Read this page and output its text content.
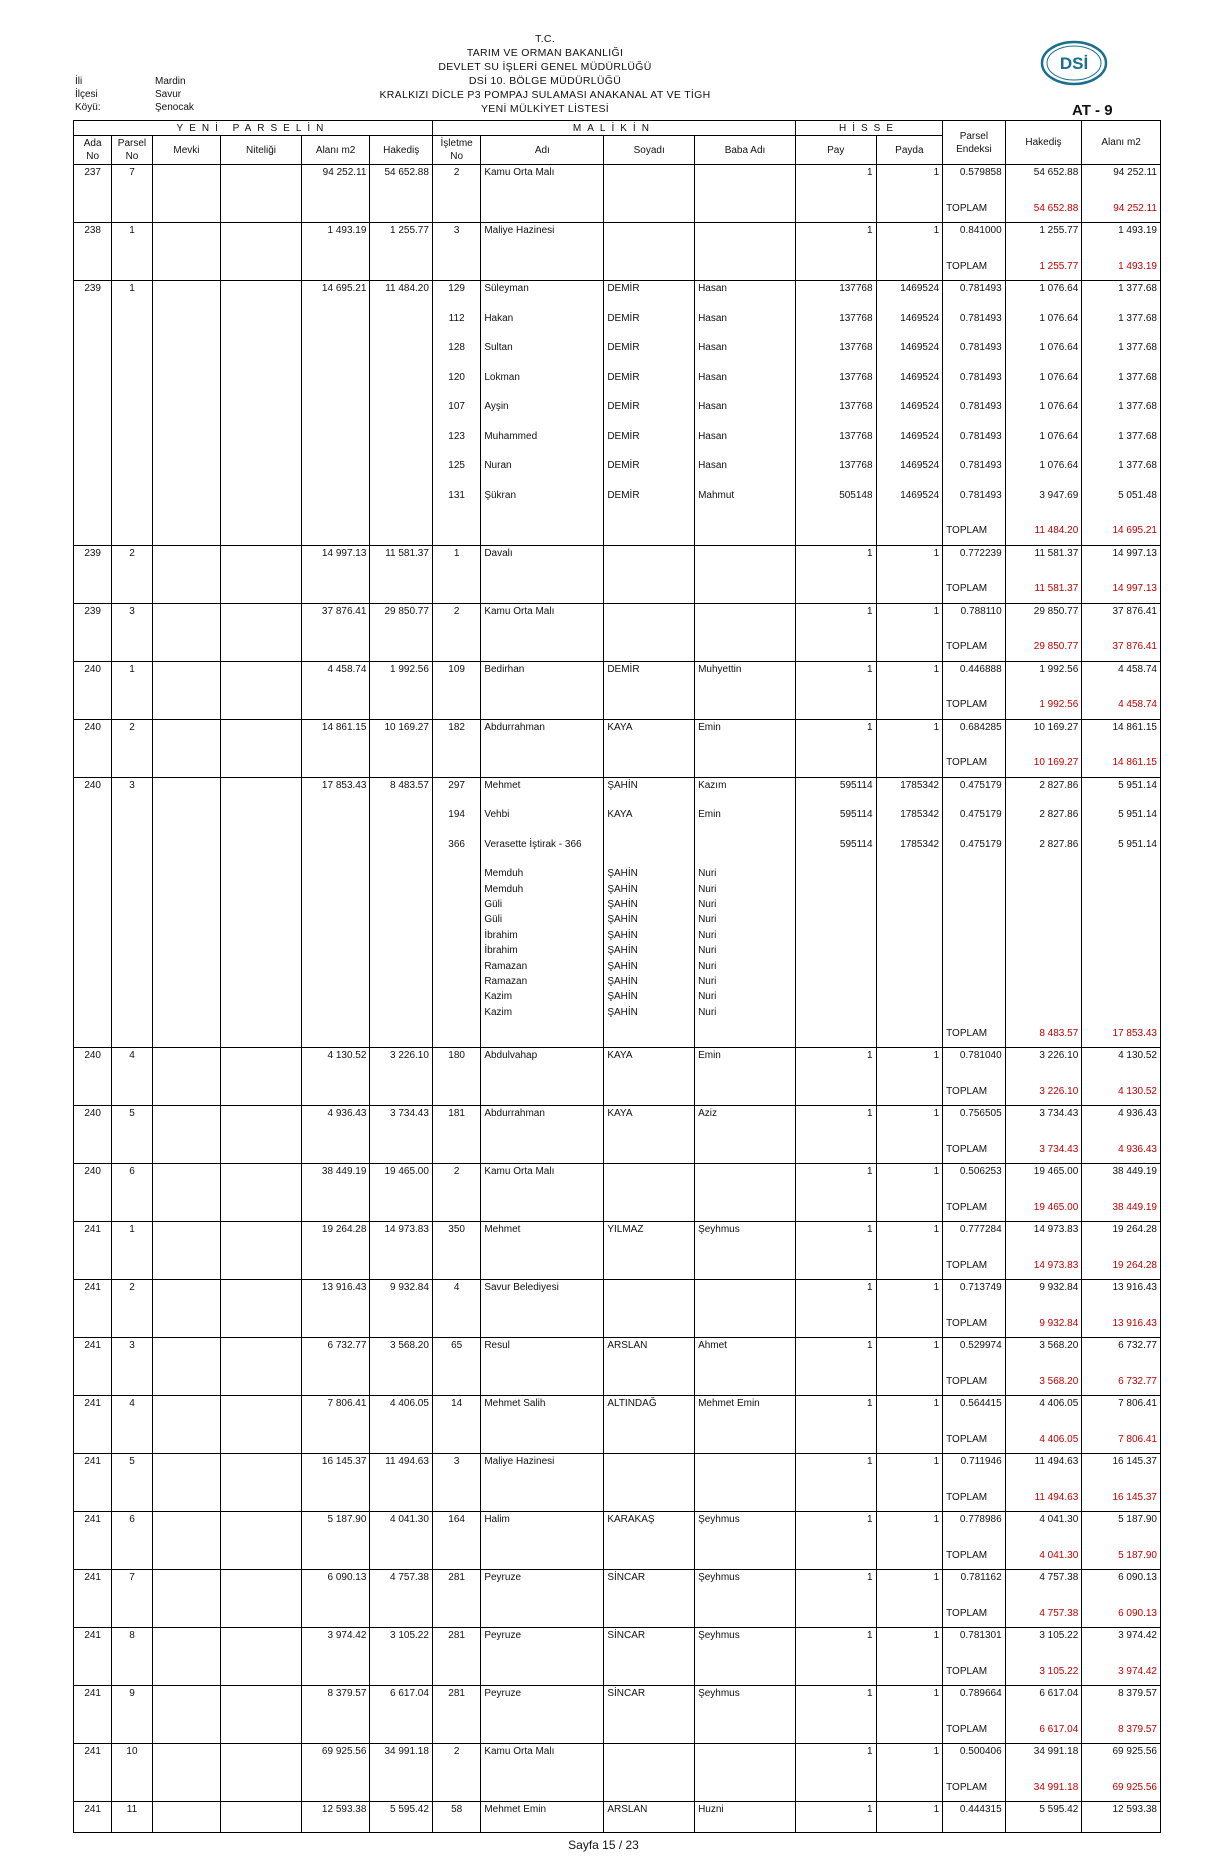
T.C.
TARIM VE ORMAN BAKANLIĞI
DEVLET SU İŞLERİ GENEL MÜDÜRLÜĞÜ
DSİ 10. BÖLGE MÜDÜRLÜĞÜ
KRALKIZI DİCLE P3 POMPAJ SULAMASI ANAKANAL AT VE TİGH
YENİ MÜLKİYET LİSTESİ
İli	Mardin
İlçesi	Savur
Köyü:	Şenocak
DSİ
AT - 9
YENİ PARSELİN						MALİKİN				HİSSE		Parsel Endeksi	Hakediş	Alanı m2
Ada No	Parsel No	Mevki	Niteliği	Alanı m2	Hakediş	İşletme No	Adı	Soyadı	Baba Adı	Pay	Payda			
237	7			94 252.11	54 652.88	2	Kamu Orta Malı			1	1	0.579858	54 652.88	94 252.11
												TOPLAM	54 652.88	94 252.11
238	1			1 493.19	1 255.77	3	Maliye Hazinesi			1	1	0.841000	1 255.77	1 493.19
												TOPLAM	1 255.77	1 493.19
239	1			14 695.21	11 484.20	129	Süleyman	DEMİR	Hasan	137768	1469524	0.781493	1 076.64	1 377.68
						112	Hakan	DEMİR	Hasan	137768	1469524	0.781493	1 076.64	1 377.68
						128	Sultan	DEMİR	Hasan	137768	1469524	0.781493	1 076.64	1 377.68
						120	Lokman	DEMİR	Hasan	137768	1469524	0.781493	1 076.64	1 377.68
						107	Ayşin	DEMİR	Hasan	137768	1469524	0.781493	1 076.64	1 377.68
						123	Muhammed	DEMİR	Hasan	137768	1469524	0.781493	1 076.64	1 377.68
						125	Nuran	DEMİR	Hasan	137768	1469524	0.781493	1 076.64	1 377.68
						131	Şükran	DEMİR	Mahmut	505148	1469524	0.781493	3 947.69	5 051.48
												TOPLAM	11 484.20	14 695.21
239	2			14 997.13	11 581.37	1	Davalı			1	1	0.772239	11 581.37	14 997.13
												TOPLAM	11 581.37	14 997.13
239	3			37 876.41	29 850.77	2	Kamu Orta Malı			1	1	0.788110	29 850.77	37 876.41
												TOPLAM	29 850.77	37 876.41
240	1			4 458.74	1 992.56	109	Bedirhan	DEMİR	Muhyettin	1	1	0.446888	1 992.56	4 458.74
												TOPLAM	1 992.56	4 458.74
240	2			14 861.15	10 169.27	182	Abdurrahman	KAYA	Emin	1	1	0.684285	10 169.27	14 861.15
												TOPLAM	10 169.27	14 861.15
240	3			17 853.43	8 483.57	297	Mehmet	ŞAHİN	Kazım	595114	1785342	0.475179	2 827.86	5 951.14
						194	Vehbi	KAYA	Emin	595114	1785342	0.475179	2 827.86	5 951.14
						366	Verasette İştirak - 366			595114	1785342	0.475179	2 827.86	5 951.14
							Memduh	ŞAHİN	Nuri					
							Memduh	ŞAHİN	Nuri					
							Güli	ŞAHİN	Nuri					
							Güli	ŞAHİN	Nuri					
							İbrahim	ŞAHİN	Nuri					
							İbrahim	ŞAHİN	Nuri					
							Ramazan	ŞAHİN	Nuri					
							Ramazan	ŞAHİN	Nuri					
							Kazim	ŞAHİN	Nuri					
							Kazim	ŞAHİN	Nuri					
												TOPLAM	8 483.57	17 853.43
240	4			4 130.52	3 226.10	180	Abdulvahap	KAYA	Emin	1	1	0.781040	3 226.10	4 130.52
												TOPLAM	3 226.10	4 130.52
240	5			4 936.43	3 734.43	181	Abdurrahman	KAYA	Aziz	1	1	0.756505	3 734.43	4 936.43
												TOPLAM	3 734.43	4 936.43
240	6			38 449.19	19 465.00	2	Kamu Orta Malı			1	1	0.506253	19 465.00	38 449.19
												TOPLAM	19 465.00	38 449.19
241	1			19 264.28	14 973.83	350	Mehmet	YILMAZ	Şeyhmus	1	1	0.777284	14 973.83	19 264.28
												TOPLAM	14 973.83	19 264.28
241	2			13 916.43	9 932.84	4	Savur Belediyesi			1	1	0.713749	9 932.84	13 916.43
												TOPLAM	9 932.84	13 916.43
241	3			6 732.77	3 568.20	65	Resul	ARSLAN	Ahmet	1	1	0.529974	3 568.20	6 732.77
												TOPLAM	3 568.20	6 732.77
241	4			7 806.41	4 406.05	14	Mehmet Salih	ALTINDAĞ	Mehmet Emin	1	1	0.564415	4 406.05	7 806.41
												TOPLAM	4 406.05	7 806.41
241	5			16 145.37	11 494.63	3	Maliye Hazinesi			1	1	0.711946	11 494.63	16 145.37
												TOPLAM	11 494.63	16 145.37
241	6			5 187.90	4 041.30	164	Halim	KARAKAŞ	Şeyhmus	1	1	0.778986	4 041.30	5 187.90
												TOPLAM	4 041.30	5 187.90
241	7			6 090.13	4 757.38	281	Peyruze	SİNCAR	Şeyhmus	1	1	0.781162	4 757.38	6 090.13
												TOPLAM	4 757.38	6 090.13
241	8			3 974.42	3 105.22	281	Peyruze	SİNCAR	Şeyhmus	1	1	0.781301	3 105.22	3 974.42
												TOPLAM	3 105.22	3 974.42
241	9			8 379.57	6 617.04	281	Peyruze	SİNCAR	Şeyhmus	1	1	0.789664	6 617.04	8 379.57
												TOPLAM	6 617.04	8 379.57
241	10			69 925.56	34 991.18	2	Kamu Orta Malı			1	1	0.500406	34 991.18	69 925.56
												TOPLAM	34 991.18	69 925.56
241	11			12 593.38	5 595.42	58	Mehmet Emin	ARSLAN	Huzni	1	1	0.444315	5 595.42	12 593.38
Sayfa 15 / 23
